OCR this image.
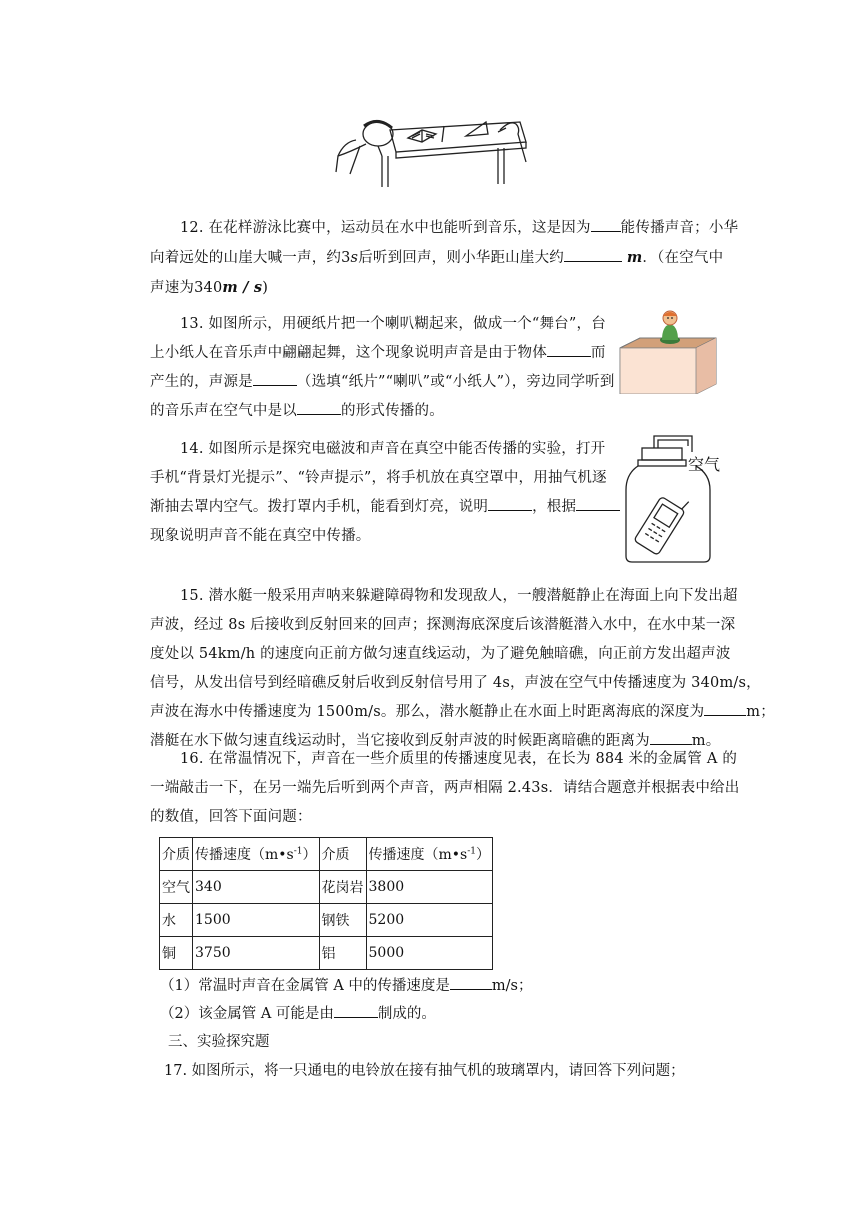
12. 在花样游泳比赛中，运动员在水中也能听到音乐，这是因为 能传播声音；小华
向着远处的山崖大喊一声，约3s后听到回声，则小华距山崖大约	m．（在空气中
声速为340m / s)
13. 如图所示，用硬纸片把一个喇叭糊起来，做成一个“舞台”，台
上小纸人在音乐声中翩翩起舞，这个现象说明声音是由于物体	而
产生的，声源是	（选填“纸片”“喇叭”或“小纸人”），旁边同学听到
的音乐声在空气中是以	的形式传播的。
空气
14. 如图所示是探究电磁波和声音在真空中能否传播的实验，打开
手机“背景灯光提示”、“铃声提示”，将手机放在真空罩中，用抽气机逐
渐抽去罩内空气。拨打罩内手机，能看到灯亮，说明	，根据
现象说明声音不能在真空中传播。
15. 潜水艇一般采用声呐来躲避障碍物和发现敌人，一艘潜艇静止在海面上向下发出超
声波，经过 8s 后接收到反射回来的回声；探测海底深度后该潜艇潜入水中，在水中某一深
度处以 54km/h 的速度向正前方做匀速直线运动，为了避免触暗礁，向正前方发出超声波
信号，从发出信号到经暗礁反射后收到反射信号用了 4s，声波在空气中传播速度为 340m/s，
声波在海水中传播速度为 1500m/s。那么，潜水艇静止在水面上时距离海底的深度为	m；
潜艇在水下做匀速直线运动时，当它接收到反射声波的时候距离暗礁的距离为	m。
16. 在常温情况下，声音在一些介质里的传播速度见表，在长为 884 米的金属管 A 的
一端敲击一下，在另一端先后听到两个声音，两声相隔 2.43s．请结合题意并根据表中给出
的数值，回答下面问题：
介质	传播速度$(m•s^{-1})$	介质	传播速度$(m•s^{-1})$
空气	340	花岗岩	3800
水	1500	钢铁	5200
铜	3750	铝	5000
（1）常温时声音在金属管 A 中的传播速度是	m/s；
（2）该金属管 A 可能是由	制成的。
三、实验探究题
17. 如图所示，将一只通电的电铃放在接有抽气机的玻璃罩内，请回答下列问题；
